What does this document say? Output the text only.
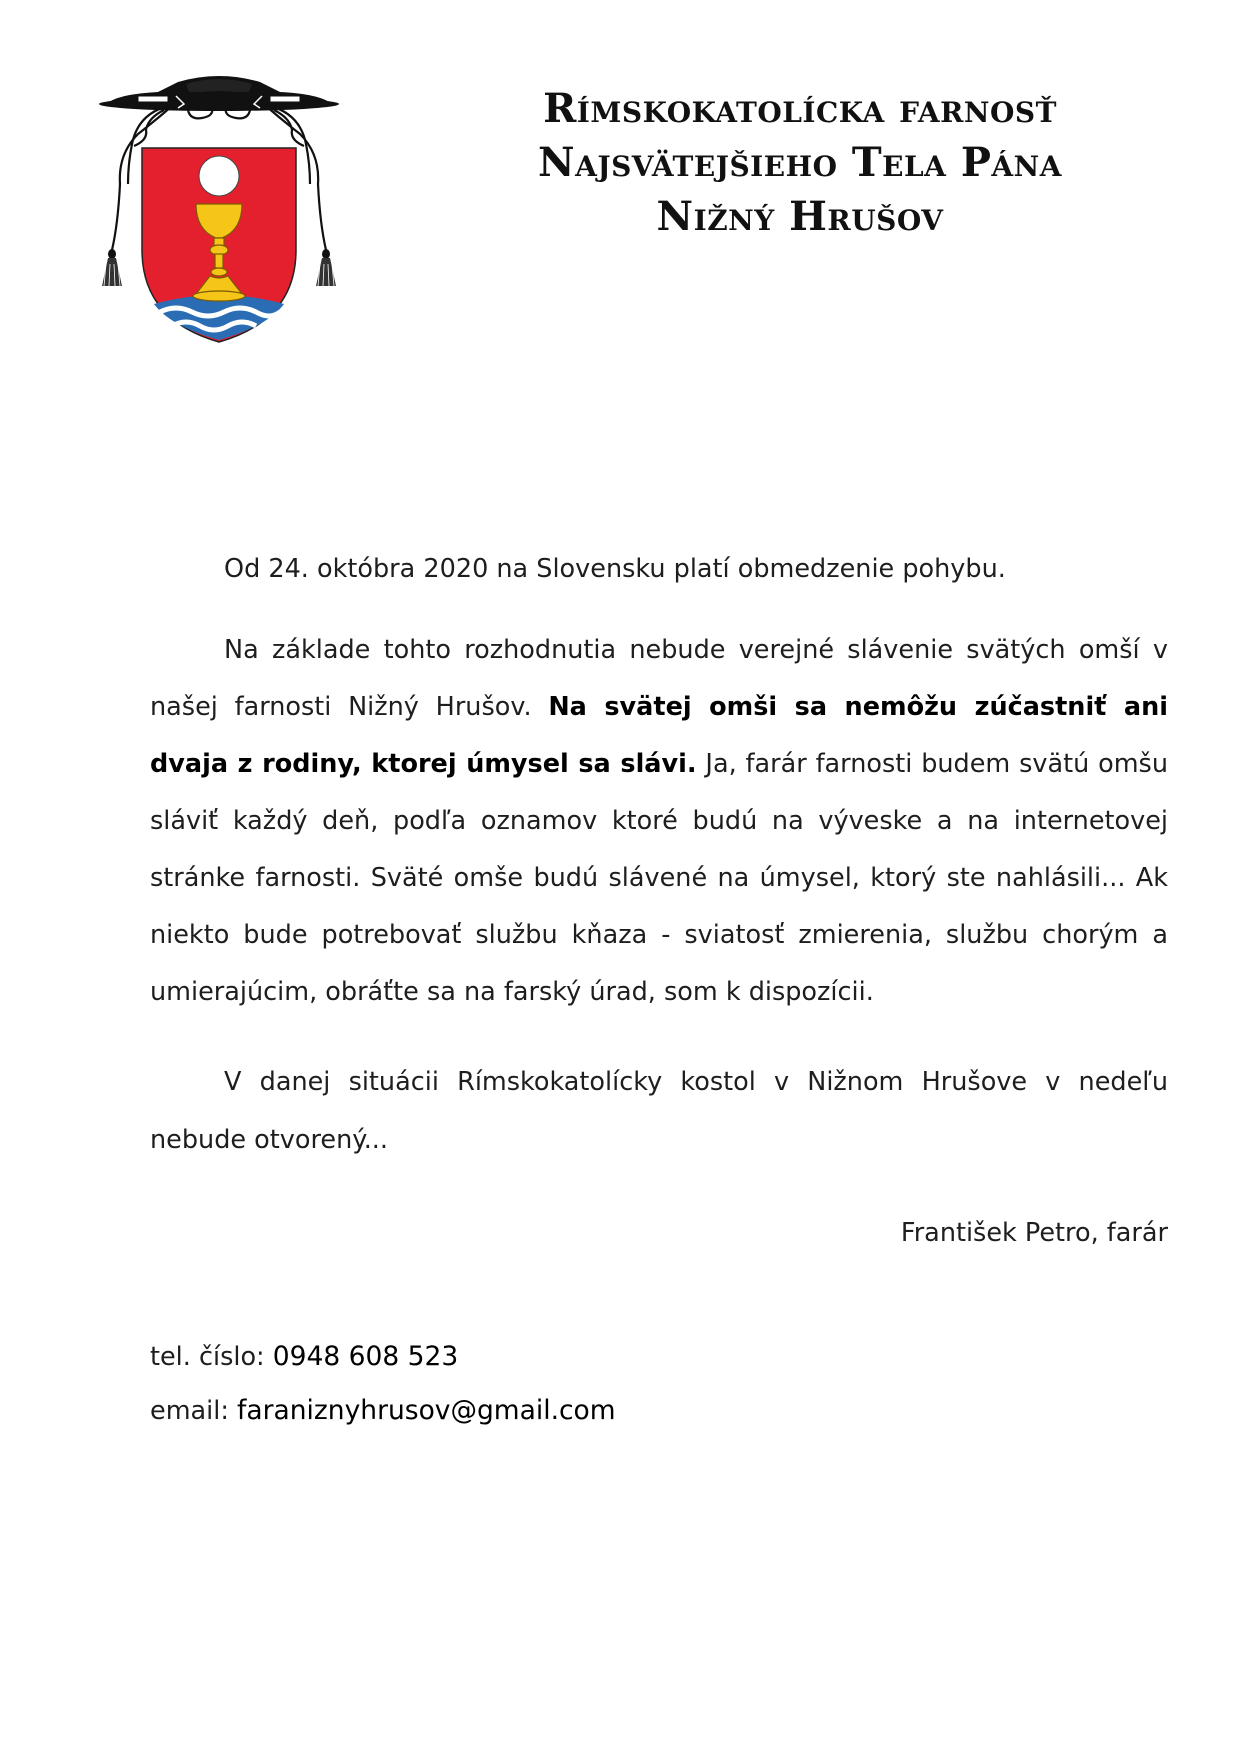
Rímskokatolícka farnosť
Najsvätejšieho Tela Pána
Nižný Hrušov
Od 24. októbra 2020 na Slovensku platí obmedzenie pohybu.
Na základe tohto rozhodnutia nebude verejné slávenie svätých omší v našej farnosti Nižný Hrušov. Na svätej omši sa nemôžu zúčastniť ani dvaja z rodiny, ktorej úmysel sa slávi. Ja, farár farnosti budem svätú omšu sláviť každý deň, podľa oznamov ktoré budú na vývеske a na internetovej stránke farnosti. Sväté omše budú slávené na úmysel, ktorý ste nahlásili... Ak niekto bude potrebovať službu kňaza - sviatosť zmierenia, službu chorým a umierajúcim, obráťte sa na farský úrad, som k dispozícii.
V danej situácii Rímskokatolícky kostol v Nižnom Hrušove v nedeľu nebude otvorený...
František Petro, farár
tel. číslo: 0948 608 523
email: faraniznyhrusov@gmail.com
